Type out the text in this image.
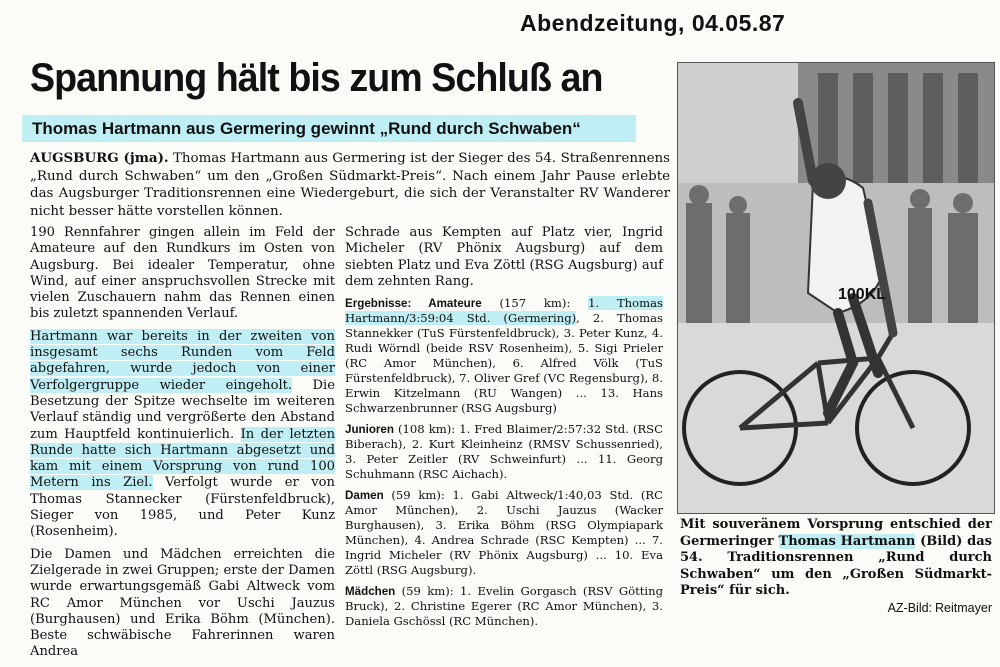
Abendzeitung, 04.05.87
Spannung hält bis zum Schluß an
Thomas Hartmann aus Germering gewinnt „Rund durch Schwaben“
AUGSBURG (jma). Thomas Hartmann aus Germering ist der Sieger des 54. Straßenrennens „Rund durch Schwaben“ um den „Großen Südmarkt-Preis“. Nach einem Jahr Pause erlebte das Augsburger Traditionsrennen eine Wiedergeburt, die sich der Veranstalter RV Wanderer nicht besser hätte vorstellen können.

190 Rennfahrer gingen allein im Feld der Amateure auf den Rundkurs im Osten von Augsburg. Bei idealer Temperatur, ohne Wind, auf einer anspruchsvollen Strecke mit vielen Zuschauern nahm das Rennen einen bis zuletzt spannenden Verlauf.

Hartmann war bereits in der zweiten von insgesamt sechs Runden vom Feld abgefahren, wurde jedoch von einer Verfolgergruppe wieder eingeholt. Die Besetzung der Spitze wechselte im weiteren Verlauf ständig und vergrößerte den Abstand zum Hauptfeld kontinuierlich. In der letzten Runde hatte sich Hartmann abgesetzt und kam mit einem Vorsprung von rund 100 Metern ins Ziel. Verfolgt wurde er von Thomas Stannecker (Fürstenfeldbruck), Sieger von 1985, und Peter Kunz (Rosenheim).

Die Damen und Mädchen erreichten die Zielgerade in zwei Gruppen; erste der Damen wurde erwartungsgemäß Gabi Altweck vom RC Amor München vor Uschi Jauzus (Burghausen) und Erika Böhm (München). Beste schwäbische Fahrerinnen waren Andrea

Schrade aus Kempten auf Platz vier, Ingrid Micheler (RV Phönix Augsburg) auf dem siebten Platz und Eva Zöttl (RSG Augsburg) auf dem zehnten Rang.

Ergebnisse: Amateure (157 km): 1. Thomas Hartmann/3:59:04 Std. (Germering), 2. Thomas Stannekker (TuS Fürstenfeldbruck), 3. Peter Kunz, 4. Rudi Wörndl (beide RSV Rosenheim), 5. Sigi Prieler (RC Amor München), 6. Alfred Völk (TuS Fürstenfeldbruck), 7. Oliver Gref (VC Regensburg), 8. Erwin Kitzelmann (RU Wangen) ... 13. Hans Schwarzenbrunner (RSG Augsburg)

Junioren (108 km): 1. Fred Blaimer/2:57:32 Std. (RSC Biberach), 2. Kurt Kleinheinz (RMSV Schussenried), 3. Peter Zeitler (RV Schweinfurt) ... 11. Georg Schuhmann (RSC Aichach).

Damen (59 km): 1. Gabi Altweck/1:40,03 Std. (RC Amor München), 2. Uschi Jauzus (Wacker Burghausen), 3. Erika Böhm (RSG Olympiapark München), 4. Andrea Schrade (RSC Kempten) ... 7. Ingrid Micheler (RV Phönix Augsburg) ... 10. Eva Zöttl (RSG Augsburg).

Mädchen (59 km): 1. Evelin Gorgasch (RSV Götting Bruck), 2. Christine Egerer (RC Amor München), 3. Daniela Gschössl (RC München).

100KL
Mit souveränem Vorsprung entschied der Germeringer Thomas Hartmann (Bild) das 54. Traditionsrennen „Rund durch Schwaben“ um den „Großen Südmarkt-Preis“ für sich.
AZ-Bild: Reitmayer
